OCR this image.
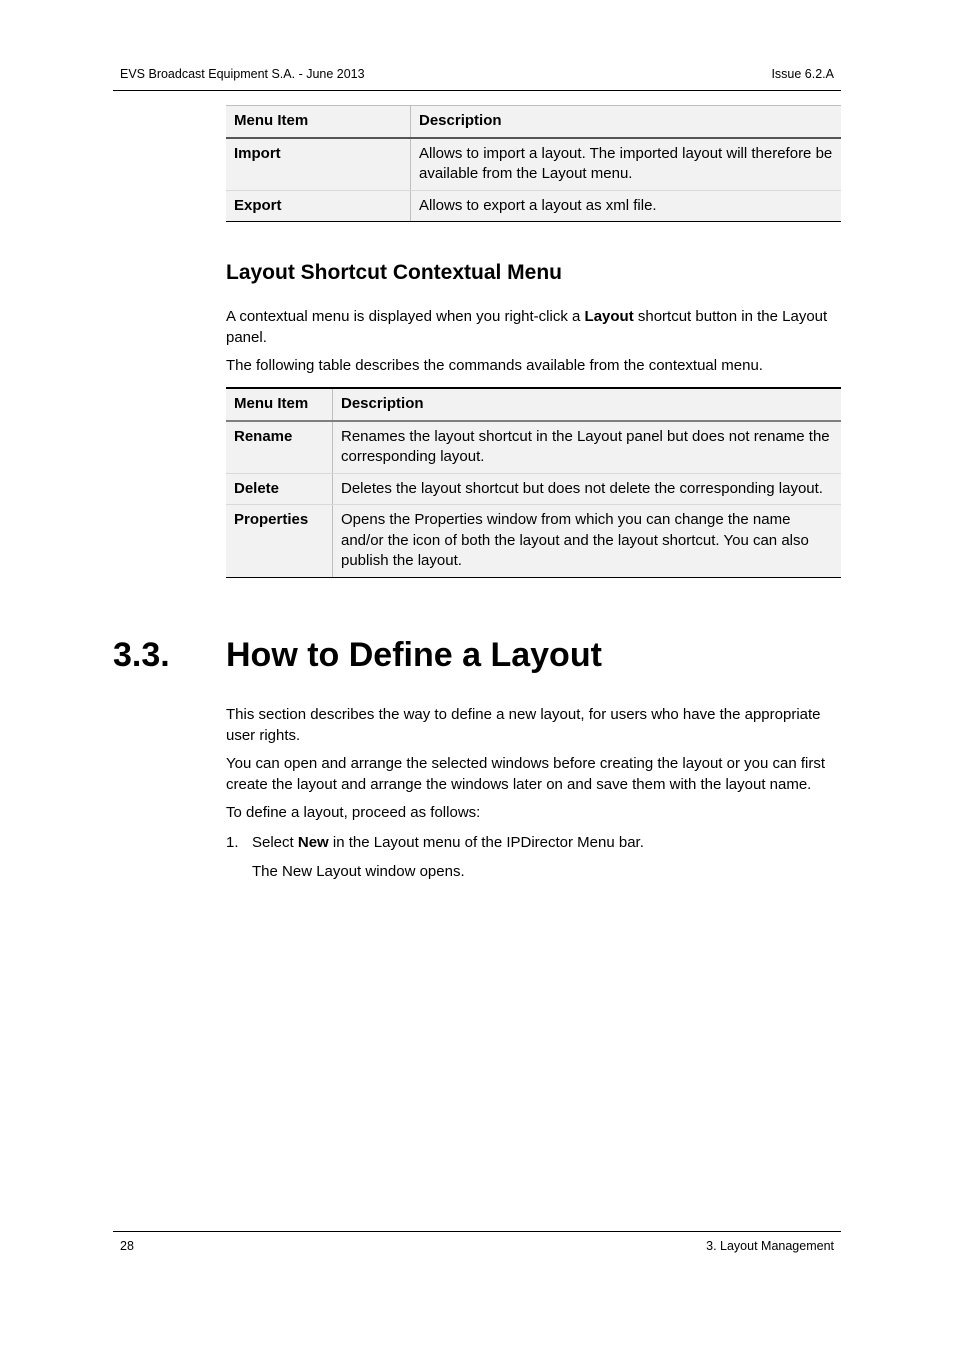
EVS Broadcast Equipment S.A. - June 2013	Issue 6.2.A
Menu Item	Description
Import	Allows to import a layout. The imported layout will therefore be available from the Layout menu.
Export	Allows to export a layout as xml file.
Layout Shortcut Contextual Menu

A contextual menu is displayed when you right-click a Layout shortcut button in the Layout panel.

The following table describes the commands available from the contextual menu.

Menu Item	Description
Rename	Renames the layout shortcut in the Layout panel but does not rename the corresponding layout.
Delete	Deletes the layout shortcut but does not delete the corresponding layout.
Properties	Opens the Properties window from which you can change the name and/or the icon of both the layout and the layout shortcut. You can also publish the layout.
3.3. How to Define a Layout

This section describes the way to define a new layout, for users who have the appropriate user rights.

You can open and arrange the selected windows before creating the layout or you can first create the layout and arrange the windows later on and save them with the layout name.

To define a layout, proceed as follows:

1. Select New in the Layout menu of the IPDirector Menu bar.
The New Layout window opens.
28	3. Layout Management
